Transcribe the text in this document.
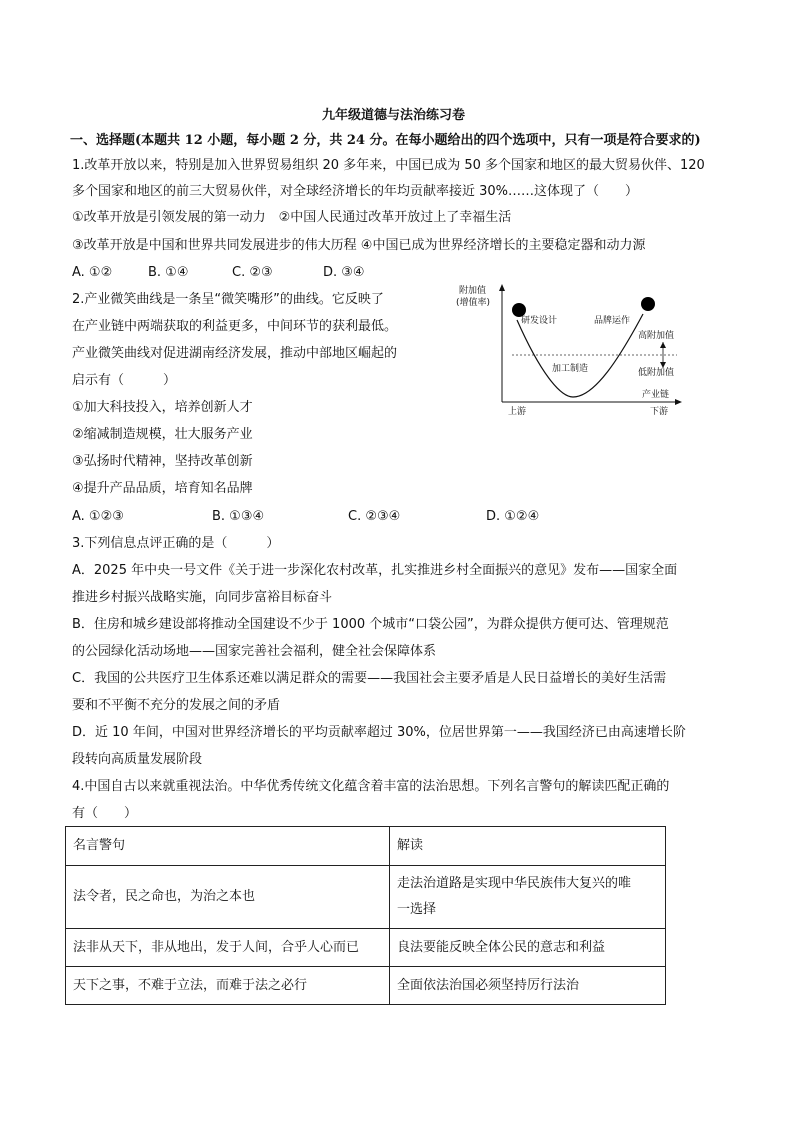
九年级道德与法治练习卷
一、选择题(本题共 12 小题，每小题 2 分，共 24 分。在每小题给出的四个选项中，只有一项是符合要求的)
1.改革开放以来，特别是加入世界贸易组织 20 多年来，中国已成为 50 多个国家和地区的最大贸易伙伴、120
多个国家和地区的前三大贸易伙伴，对全球经济增长的年均贡献率接近 30%……这体现了（　　）
①改革开放是引领发展的第一动力　②中国人民通过改革开放过上了幸福生活
③改革开放是中国和世界共同发展进步的伟大历程 ④中国已成为世界经济增长的主要稳定器和动力源
A. ①②	B. ①④	C. ②③	D. ③④
2.产业微笑曲线是一条呈“微笑嘴形”的曲线。它反映了
在产业链中两端获取的利益更多，中间环节的获利最低。
产业微笑曲线对促进湖南经济发展，推动中部地区崛起的
启示有（　　　）
①加大科技投入，培养创新人才
②缩减制造规模，壮大服务产业
③弘扬时代精神，坚持改革创新
④提升产品品质，培育知名品牌
A. ①②③	B. ①③④	C. ②③④	D. ①②④
附加值
(增值率)
研发设计	品牌运作
加工制造
高附加值
低附加值
产业链
上游	下游
3.下列信息点评正确的是（　　　）
A．2025 年中央一号文件《关于进一步深化农村改革，扎实推进乡村全面振兴的意见》发布——国家全面
推进乡村振兴战略实施，向同步富裕目标奋斗
B．住房和城乡建设部将推动全国建设不少于 1000 个城市“口袋公园”，为群众提供方便可达、管理规范
的公园绿化活动场地——国家完善社会福利，健全社会保障体系
C．我国的公共医疗卫生体系还难以满足群众的需要——我国社会主要矛盾是人民日益增长的美好生活需
要和不平衡不充分的发展之间的矛盾
D．近 10 年间，中国对世界经济增长的平均贡献率超过 30%，位居世界第一——我国经济已由高速增长阶
段转向高质量发展阶段
4.中国自古以来就重视法治。中华优秀传统文化蕴含着丰富的法治思想。下列名言警句的解读匹配正确的
有（　　）
名言警句	解读
法令者，民之命也，为治之本也	走法治道路是实现中华民族伟大复兴的唯
一选择

法非从天下，非从地出，发于人间，合乎人心而已	良法要能反映全体公民的意志和利益
天下之事，不难于立法，而难于法之必行	全面依法治国必须坚持厉行法治
